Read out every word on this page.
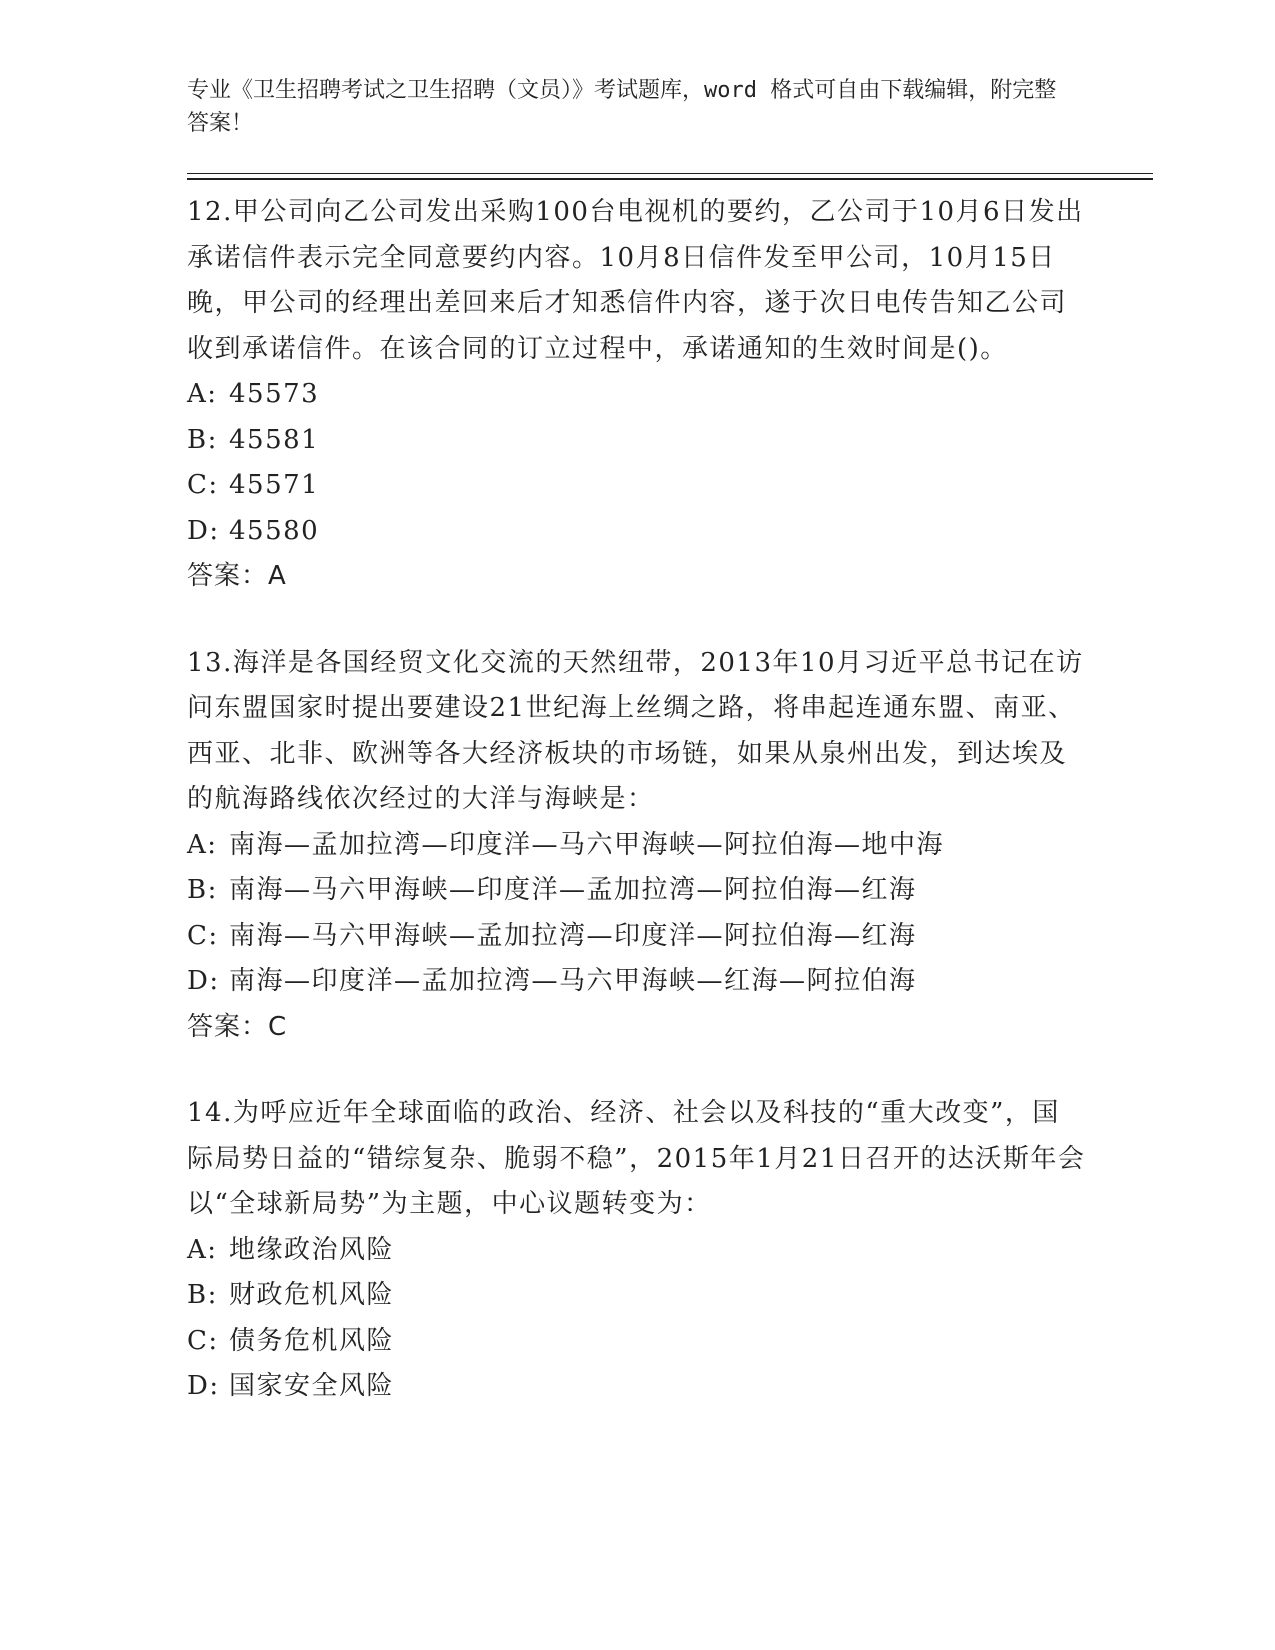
专业《卫生招聘考试之卫生招聘（文员）》考试题库，word 格式可自由下载编辑，附完整答案！

12.甲公司向乙公司发出采购100台电视机的要约，乙公司于10月6日发出承诺信件表示完全同意要约内容。10月8日信件发至甲公司，10月15日晚，甲公司的经理出差回来后才知悉信件内容，遂于次日电传告知乙公司收到承诺信件。在该合同的订立过程中，承诺通知的生效时间是()。

A: 45573
B: 45581
C: 45571
D: 45580

答案：A

13.海洋是各国经贸文化交流的天然纽带，2013年10月习近平总书记在访问东盟国家时提出要建设21世纪海上丝绸之路，将串起连通东盟、南亚、西亚、北非、欧洲等各大经济板块的市场链，如果从泉州出发，到达埃及的航海路线依次经过的大洋与海峡是：

A: 南海—孟加拉湾—印度洋—马六甲海峡—阿拉伯海—地中海
B: 南海—马六甲海峡—印度洋—孟加拉湾—阿拉伯海—红海
C: 南海—马六甲海峡—孟加拉湾—印度洋—阿拉伯海—红海
D: 南海—印度洋—孟加拉湾—马六甲海峡—红海—阿拉伯海

答案：C

14.为呼应近年全球面临的政治、经济、社会以及科技的“重大改变”，国际局势日益的“错综复杂、脆弱不稳”，2015年1月21日召开的达沃斯年会以“全球新局势”为主题，中心议题转变为：

A: 地缘政治风险
B: 财政危机风险
C: 债务危机风险
D: 国家安全风险
